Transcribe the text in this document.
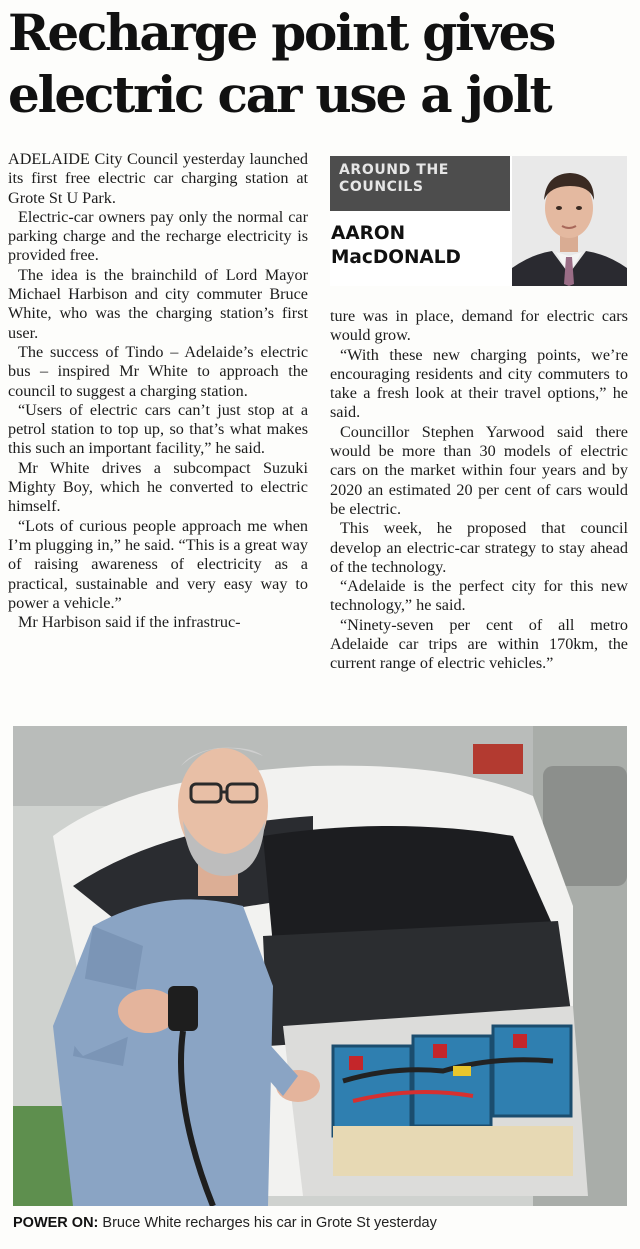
Recharge point gives
electric car use a jolt

ADELAIDE City Council yesterday launched its first free electric car charging station at Grote St U Park.

Electric-car owners pay only the normal car parking charge and the recharge electricity is provided free.

The idea is the brainchild of Lord Mayor Michael Harbison and city commuter Bruce White, who was the charging station’s first user.

The success of Tindo – Adelaide’s electric bus – inspired Mr White to approach the council to suggest a charging station.

“Users of electric cars can’t just stop at a petrol station to top up, so that’s what makes this such an important facility,” he said.

Mr White drives a subcompact Suzuki Mighty Boy, which he converted to electric himself.

“Lots of curious people approach me when I’m plugging in,” he said. “This is a great way of raising awareness of electricity as a practical, sustainable and very easy way to power a vehicle.”

Mr Harbison said if the infrastruc-

AROUND THE
COUNCILS
AARON
MacDONALD

ture was in place, demand for electric cars would grow.

“With these new charging points, we’re encouraging residents and city commuters to take a fresh look at their travel options,” he said.

Councillor Stephen Yarwood said there would be more than 30 models of electric cars on the market within four years and by 2020 an estimated 20 per cent of cars would be electric.

This week, he proposed that council develop an electric-car strategy to stay ahead of the technology.

“Adelaide is the perfect city for this new technology,” he said.

“Ninety-seven per cent of all metro Adelaide car trips are within 170km, the current range of electric vehicles.”

POWER ON: Bruce White recharges his car in Grote St yesterday
